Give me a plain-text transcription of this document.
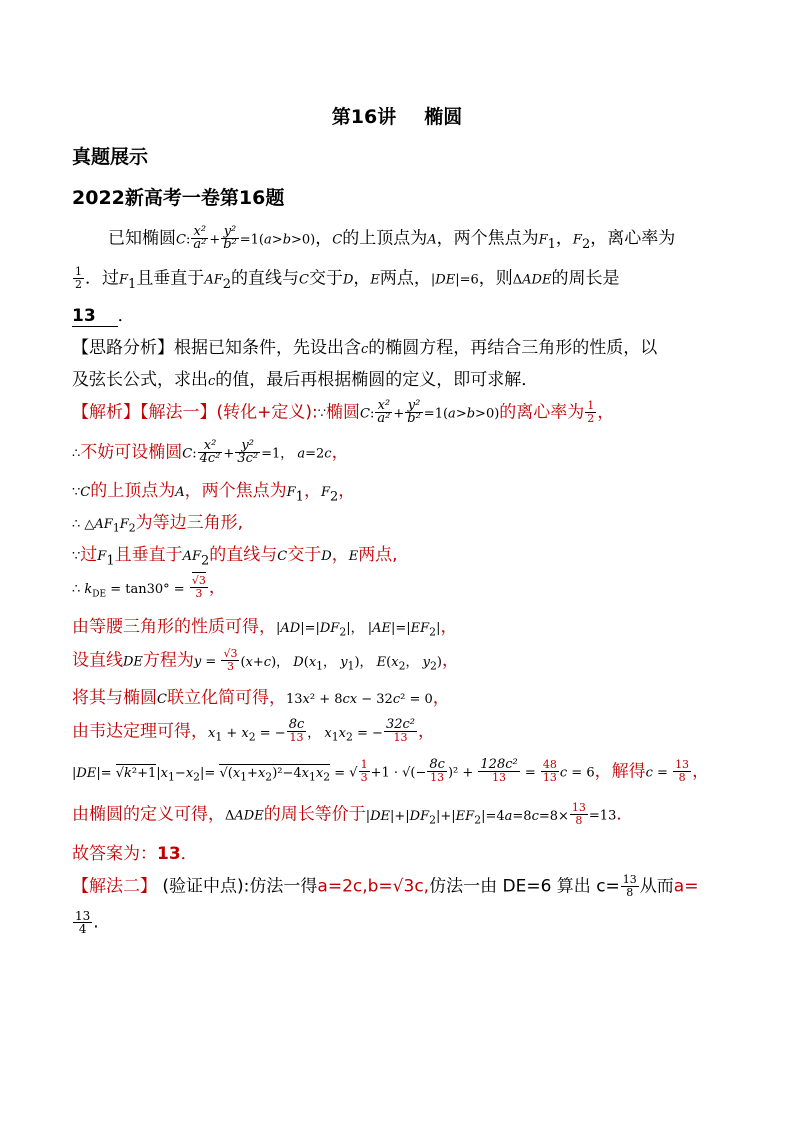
第16讲 椭圆
真题展示
2022新高考一卷第16题
已知椭圆C: $\frac{\text{x²}}{\text{a²}} + \frac{\text{y²}}{\text{b²}} =1(a>b>0)$，C的上顶点为A，两个焦点为$F_1$，$F_2$，离心率为
$\frac{1}{2}$ ．过$F_1$且垂直于$AF_2$的直线与C交于D，E两点，|DE|=6，则ΔADE的周长是
13 ．
【思路分析】根据已知条件，先设出含c的椭圆方程，再结合三角形的性质，以
及弦长公式，求出c的值，最后再根据椭圆的定义，即可求解．
【解析】【解法一】(转化+定义):∵椭圆C: $\frac{\text{x²}}{\text{a²}} + \frac{\text{y²}}{\text{b²}} =1(a>b>0)$的离心率为 $\frac{1}{2}$ ，
∴不妨可设椭圆C: $\frac{\text{x²}}{\text{4c²}} + \frac{\text{y²}}{\text{3c²}} =1$， a=2c，
∵C的上顶点为A，两个焦点为$F_1$，$F_2$，
∴ $\triangle AF_1F_2$为等边三角形,
∵过$F_1$且垂直于$AF_2$的直线与C交于D，E两点,
∴ $k_{DE} = \tan 30^\circ = \frac{√3}{3}$ ，
由等腰三角形的性质可得，$|AD|=|DF_2|$， $|AE|=|EF_2|$，
设直线DE方程为$y = \frac{√3}{3} (x+c)$， $D(x_1$， $y_1$)， $E(x_2$， $y_2$)，
将其与椭圆C联立化简可得，13x² + 8cx − 32c² = 0，
由韦达定理可得，$x_1 + x_2$ = − $\frac{8c}{13}$ ， $x_1x_2$ = − $\frac{\text{32c²}}{13}$ ，
$|DE|= √k^2+1|x_1-x_2|= √(x_1+x_2)^2-4x_1x_2$ = √ $\frac{1}{3} +1$ · √(− $\frac{8c}{13} )^2 + \frac{\text{128c²}}{13} = \frac{48}{13}$ c = 6，解得$c = \frac{13}{8}$ ，
由椭圆的定义可得，ΔADE的周长等价于$|DE|+|DF_2|+|EF_2|=4a=8c=8\times \frac{13}{8} =13$．
故答案为：13．
【解法二】 (验证中点):仿法一得a=2c,b=√3c,仿法一由 DE=6 算出 $c= \frac{13}{8}$ 从而a=
$\frac{13}{4}$ .
